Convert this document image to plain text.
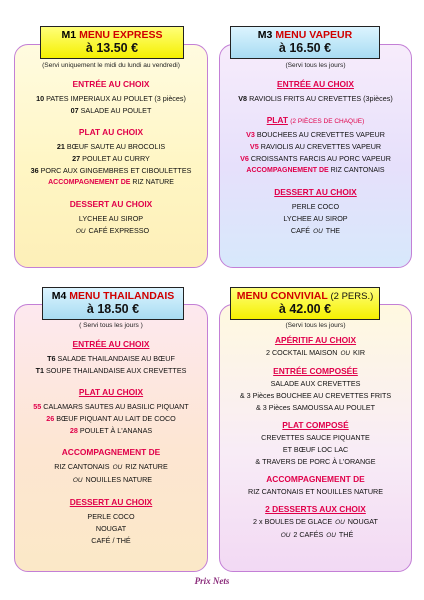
M1 MENU EXPRESS
à 13.50 €
(Servi uniquement le midi du lundi au vendredi)
ENTRÉE AU CHOIX
10 PATES IMPERIAUX AU POULET (3 pièces)
07 SALADE AU POULET
PLAT AU CHOIX
21 BŒUF SAUTE AU BROCOLIS
27 POULET AU CURRY
36 PORC AUX GINGEMBRES ET CIBOULETTES
ACCOMPAGNEMENT DE RIZ NATURE
DESSERT AU CHOIX
LYCHEE AU SIROP
OU CAFÉ EXPRESSO
M3 MENU VAPEUR
à 16.50 €
(Servi tous les jours)
ENTRÉE AU CHOIX
V8 RAVIOLIS FRITS AU CREVETTES (3pièces)
PLAT (2 PIÈCES DE CHAQUE)
V3 BOUCHEES AU CREVETTES VAPEUR
V5 RAVIOLIS AU CREVETTES VAPEUR
V6 CROISSANTS FARCIS AU PORC VAPEUR
ACCOMPAGNEMENT DE RIZ CANTONAIS
DESSERT AU CHOIX
PERLE COCO
LYCHEE AU SIROP
CAFÉ OU THE
M4 MENU THAILANDAIS
à 18.50 €
( Servi tous les jours )
ENTRÉE AU CHOIX
T6 SALADE THAILANDAISE AU BŒUF
T1 SOUPE THAILANDAISE AUX CREVETTES
PLAT AU CHOIX
55 CALAMARS SAUTES AU BASILIC PIQUANT
26 BŒUF PIQUANT AU LAIT DE COCO
28 POULET À L'ANANAS
ACCOMPAGNEMENT DE
RIZ CANTONAIS OU RIZ NATURE
OU NOUILLES NATURE
DESSERT AU CHOIX
PERLE COCO
NOUGAT
CAFÉ / THÉ
MENU CONVIVIAL (2 PERS.)
à 42.00 €
(Servi tous les jours)
APÉRITIF AU CHOIX
2 COCKTAIL MAISON OU KIR
ENTRÉE COMPOSÉE
SALADE AUX CREVETTES
& 3 Pièces BOUCHEE AU CREVETTES FRITS
& 3 Pièces SAMOUSSA AU POULET
PLAT COMPOSÉ
CREVETTES SAUCE PIQUANTE
ET BŒUF LOC LAC
& TRAVERS DE PORC À L'ORANGE
ACCOMPAGNEMENT DE
RIZ CANTONAIS ET NOUILLES NATURE
2 DESSERTS AUX CHOIX
2 x BOULES DE GLACE OU NOUGAT
OU 2 CAFÉS OU THÉ
Prix Nets
